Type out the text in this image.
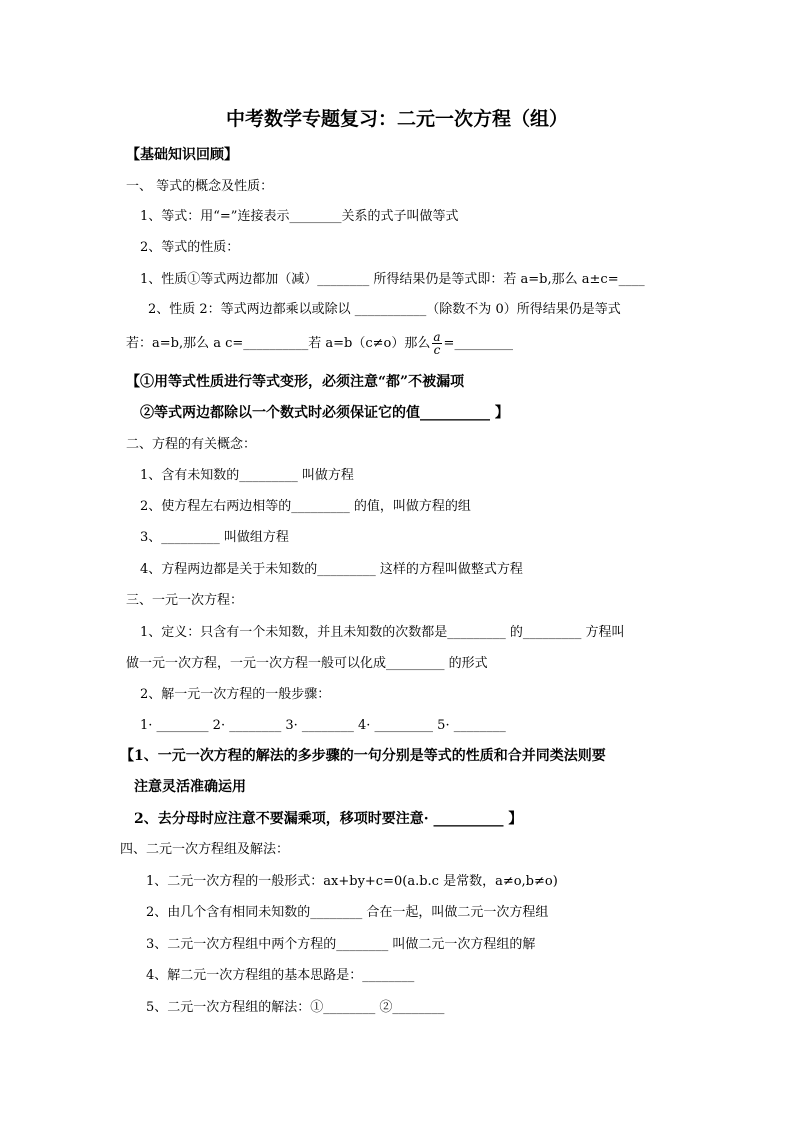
中考数学专题复习：二元一次方程（组）
【基础知识回顾】
一、 等式的概念及性质：
1、等式：用“=”连接表示________关系的式子叫做等式
2、等式的性质：
1、性质①等式两边都加（减）________ 所得结果仍是等式即：若 a=b,那么 a±c=____
2、性质 2：等式两边都乘以或除以 ___________（除数不为 0）所得结果仍是等式
若：a=b,那么 a c=__________若 a=b（c≠o）那么 $\frac{a}{c}$ =_________
【①用等式性质进行等式变形，必须注意“都”不被漏项
②等式两边都除以一个数式时必须保证它的值__________ 】
二、方程的有关概念：
1、含有未知数的_________ 叫做方程
2、使方程左右两边相等的_________ 的值，叫做方程的组
3、_________ 叫做组方程
4、方程两边都是关于未知数的_________ 这样的方程叫做整式方程
三、一元一次方程：
1、定义：只含有一个未知数，并且未知数的次数都是_________ 的_________ 方程叫
做一元一次方程，一元一次方程一般可以化成_________ 的形式
2、解一元一次方程的一般步骤：
1· ________ 2· ________ 3· ________ 4· _________ 5· ________
【1、一元一次方程的解法的多步骤的一句分别是等式的性质和合并同类法则要
注意灵活准确运用
2、去分母时应注意不要漏乘项，移项时要注意· __________ 】
四、二元一次方程组及解法：
1、二元一次方程的一般形式：ax+by+c=0(a.b.c 是常数，a≠o,b≠o)
2、由几个含有相同未知数的________ 合在一起，叫做二元一次方程组
3、二元一次方程组中两个方程的________ 叫做二元一次方程组的解
4、解二元一次方程组的基本思路是：________
5、二元一次方程组的解法：①________ ②________
